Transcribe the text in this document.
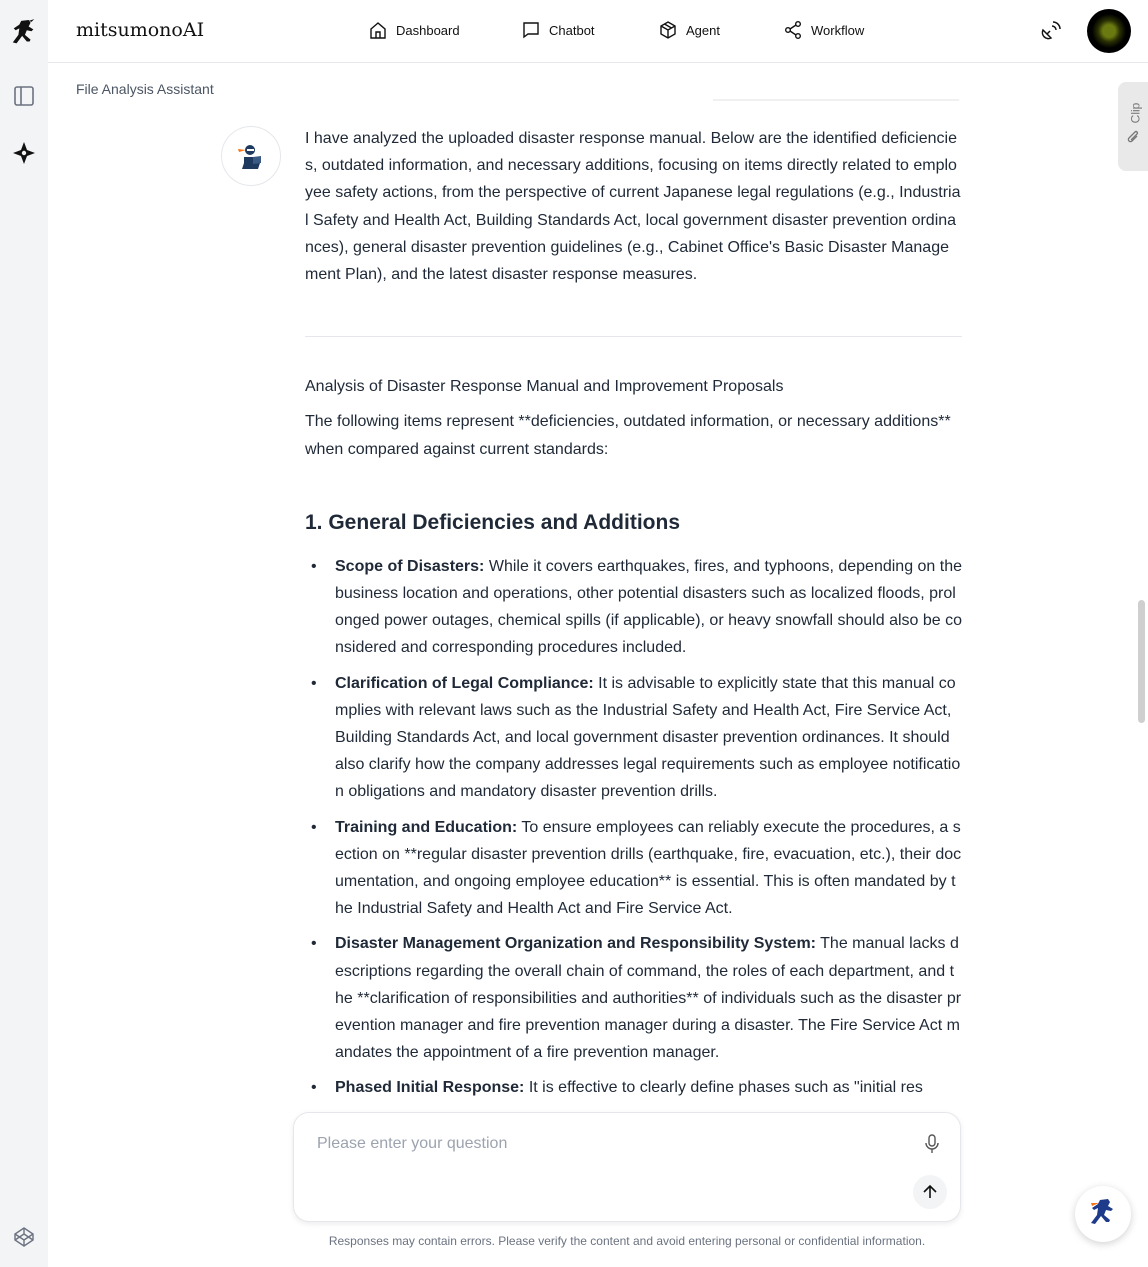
mitsumonoAI	Dashboard	Chatbot	Agent	Workflow
File Analysis Assistant

I have analyzed the uploaded disaster response manual. Below are the identified deficiencies, outdated information, and necessary additions, focusing on items directly related to employee safety actions, from the perspective of current Japanese legal regulations (e.g., Industrial Safety and Health Act, Building Standards Act, local government disaster prevention ordinances), general disaster prevention guidelines (e.g., Cabinet Office's Basic Disaster Management Plan), and the latest disaster response measures.

Analysis of Disaster Response Manual and Improvement Proposals

The following items represent **deficiencies, outdated information, or necessary additions** when compared against current standards:

1. General Deficiencies and Additions
• Scope of Disasters: While it covers earthquakes, fires, and typhoons, depending on the business location and operations, other potential disasters such as localized floods, prolonged power outages, chemical spills (if applicable), or heavy snowfall should also be considered and corresponding procedures included.
• Clarification of Legal Compliance: It is advisable to explicitly state that this manual complies with relevant laws such as the Industrial Safety and Health Act, Fire Service Act, Building Standards Act, and local government disaster prevention ordinances. It should also clarify how the company addresses legal requirements such as employee notification obligations and mandatory disaster prevention drills.
• Training and Education: To ensure employees can reliably execute the procedures, a section on **regular disaster prevention drills (earthquake, fire, evacuation, etc.), their documentation, and ongoing employee education** is essential. This is often mandated by the Industrial Safety and Health Act and Fire Service Act.
• Disaster Management Organization and Responsibility System: The manual lacks descriptions regarding the overall chain of command, the roles of each department, and the **clarification of responsibilities and authorities** of individuals such as the disaster prevention manager and fire prevention manager during a disaster. The Fire Service Act mandates the appointment of a fire prevention manager.
• Phased Initial Response: It is effective to clearly define phases such as "initial res
Clip
Please enter your question
Responses may contain errors. Please verify the content and avoid entering personal or confidential information.
